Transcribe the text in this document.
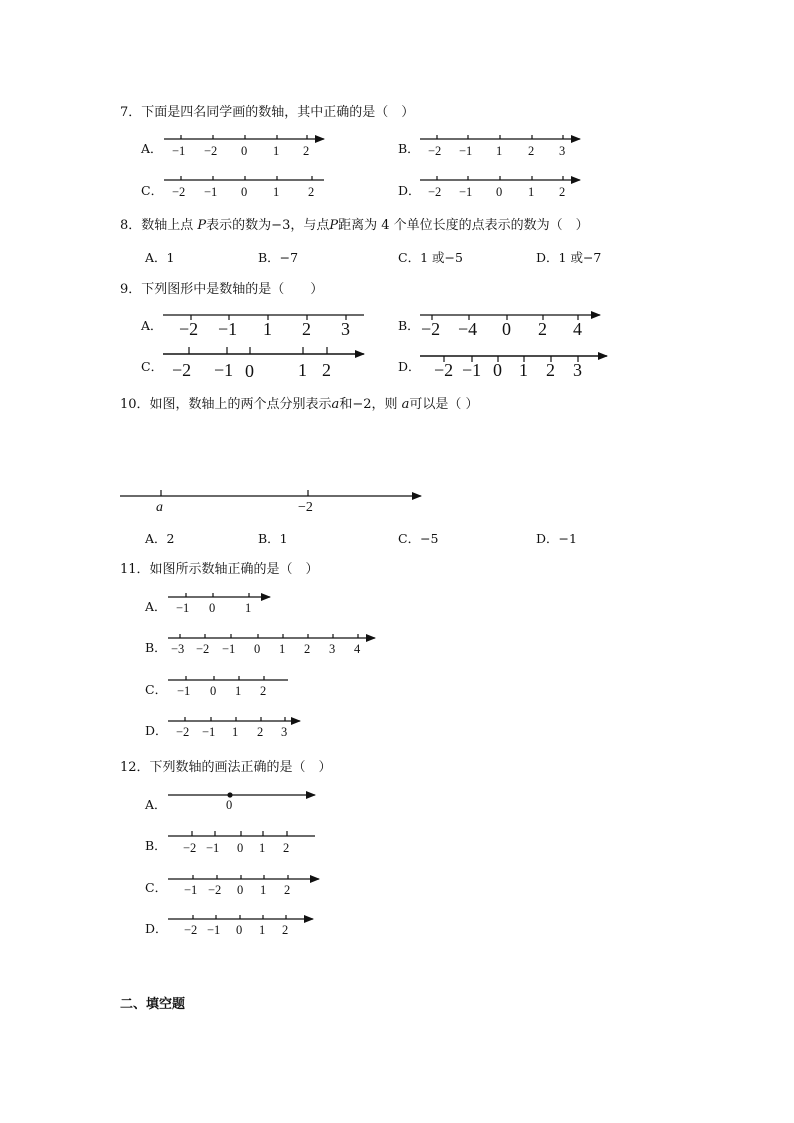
7．下面是四名同学画的数轴，其中正确的是（　）
A．	B．
C．	D．
−1 −2 0 1 2	−2 −1 1 2 3
−2 −1 0 1 2	−2 −1 0 1 2
8．数轴上点 P表示的数为−3，与点P距离为 4 个单位长度的点表示的数为（　）
A．1	B．−7	C．1 或−5	D．1 或−7
9．下列图形中是数轴的是（　　）
A．	B．
C．	D．
−2 −1 1 2 3	−2 −4 0 2 4
−2 −1 0 1 2	−2 −1 0 1 2 3
10．如图，数轴上的两个点分别表示a和−2，则 a可以是（ ）
a	−2
A．2	B．1	C．−5	D．−1
11．如图所示数轴正确的是（　）
A．
B．
C．
D．
−1 0 1
−3 −2 −1 0 1 2 3 4
−1 0 1 2
−2 −1 1 2 3
12．下列数轴的画法正确的是（　）
A．
B．
C．
D．
0
−2 −1 0 1 2
−1 −2 0 1 2
−2 −1 0 1 2
二、填空题
